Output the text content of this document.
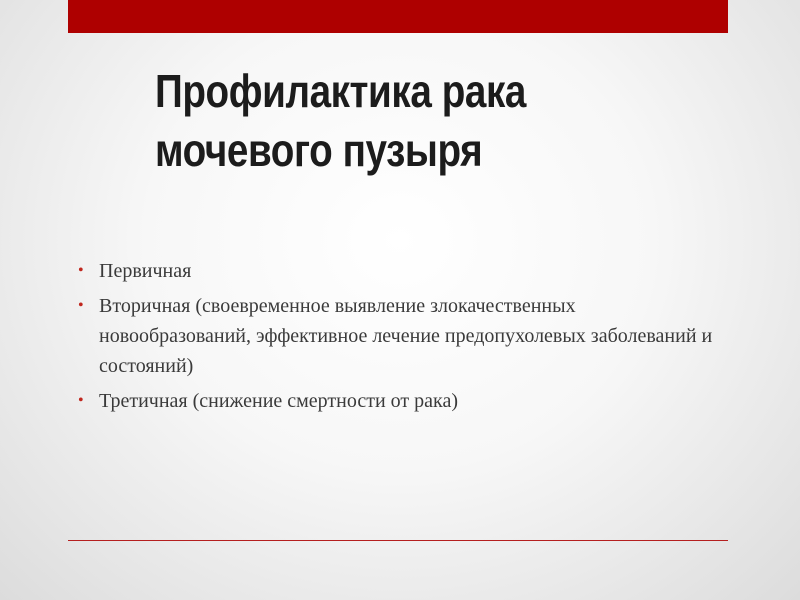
Профилактика рака
мочевого пузыря
• Первичная
• Вторичная (своевременное выявление злокачественных новообразований, эффективное лечение предопухолевых заболеваний и состояний)
• Третичная (снижение смертности от рака)
